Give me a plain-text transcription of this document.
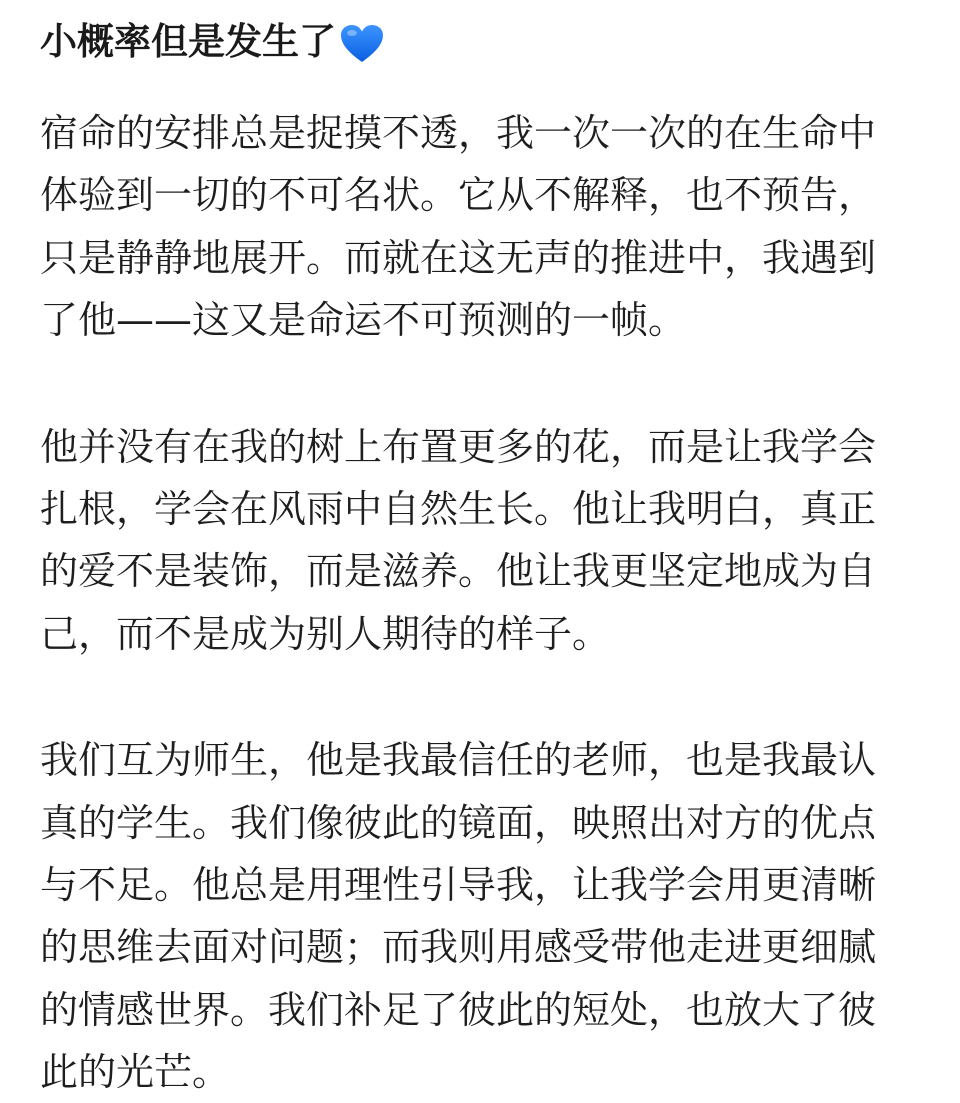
小概率但是发生了
宿命的安排总是捉摸不透，我一次一次的在生命中
体验到一切的不可名状。它从不解释，也不预告，
只是静静地展开。而就在这无声的推进中，我遇到
了他——这又是命运不可预测的一帧。
他并没有在我的树上布置更多的花，而是让我学会
扎根，学会在风雨中自然生长。他让我明白，真正
的爱不是装饰，而是滋养。他让我更坚定地成为自
己，而不是成为别人期待的样子。
我们互为师生，他是我最信任的老师，也是我最认
真的学生。我们像彼此的镜面，映照出对方的优点
与不足。他总是用理性引导我，让我学会用更清晰
的思维去面对问题；而我则用感受带他走进更细腻
的情感世界。我们补足了彼此的短处，也放大了彼
此的光芒。
